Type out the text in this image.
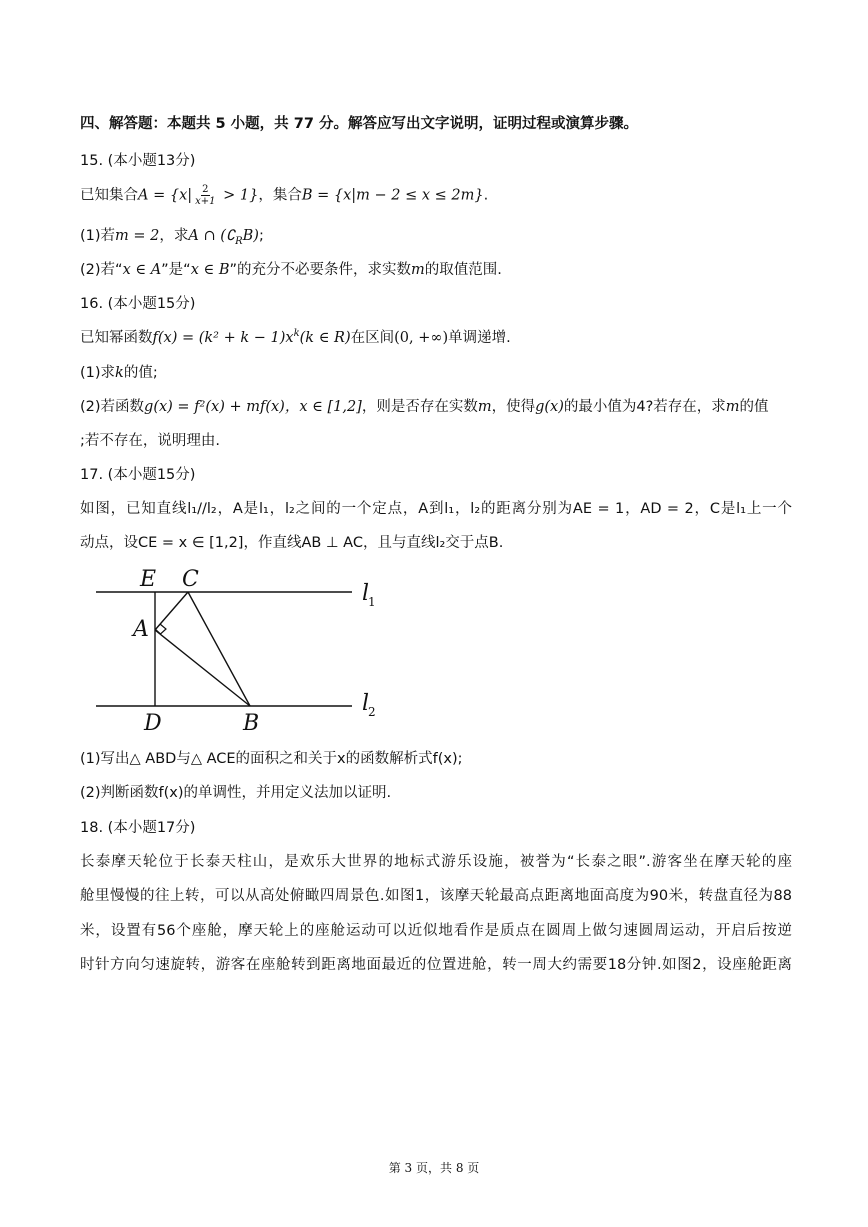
四、解答题：本题共 5 小题，共 77 分。解答应写出文字说明，证明过程或演算步骤。
15. (本小题13分)
已知集合$A = \{x| \frac{2}{x+1} > 1\}$，集合B = {x|m − 2 ≤ x ≤ 2m}.
(1)若m = 2，求A ∩ $(∁_RB)$;
(2)若“x ∈ A”是“x ∈ B”的充分不必要条件，求实数m的取值范围.
16. (本小题15分)
已知幂函数$f(x) = (k^2 + k - 1)x^k(k$ ∈ R)在区间(0, +∞)单调递增.
(1)求k的值;
(2)若函数g(x) = f²(x) + mf(x)，x ∈ [1,2]，则是否存在实数m，使得g(x)的最小值为4?若存在，求m的值
;若不存在，说明理由.
17. (本小题15分)
如图，已知直线l₁//l₂，A是l₁，l₂之间的一个定点，A到l₁，l₂的距离分别为AE = 1，AD = 2，C是l₁上一个
动点，设CE = x ∈ [1,2]，作直线AB ⊥ AC，且与直线l₂交于点B.
E C
A
D	B
l
l
1
2
(1)写出△ ABD与△ ACE的面积之和关于x的函数解析式f(x);
(2)判断函数f(x)的单调性，并用定义法加以证明.
18. (本小题17分)
长泰摩天轮位于长泰天柱山，是欢乐大世界的地标式游乐设施，被誉为“长泰之眼”.游客坐在摩天轮的座
舱里慢慢的往上转，可以从高处俯瞰四周景色.如图1，该摩天轮最高点距离地面高度为90米，转盘直径为88
米，设置有56个座舱，摩天轮上的座舱运动可以近似地看作是质点在圆周上做匀速圆周运动，开启后按逆
时针方向匀速旋转，游客在座舱转到距离地面最近的位置进舱，转一周大约需要18分钟.如图2，设座舱距离
第 3 页，共 8 页
